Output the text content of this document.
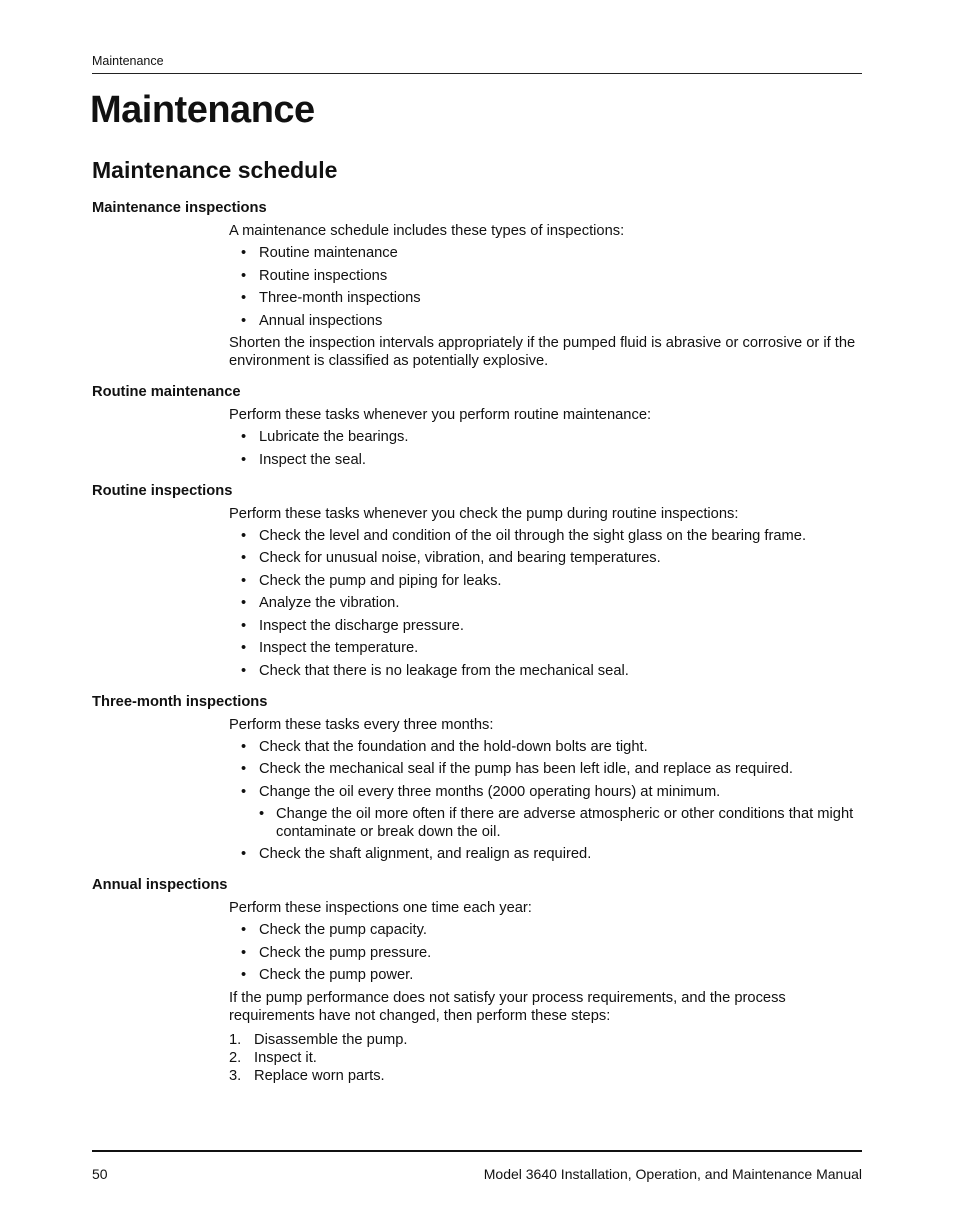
Maintenance
Maintenance
Maintenance schedule
Maintenance inspections

A maintenance schedule includes these types of inspections:

• Routine maintenance
• Routine inspections
• Three-month inspections
• Annual inspections

Shorten the inspection intervals appropriately if the pumped fluid is abrasive or corrosive or if the environment is classified as potentially explosive.

Routine maintenance

Perform these tasks whenever you perform routine maintenance:

• Lubricate the bearings.
• Inspect the seal.
Routine inspections

Perform these tasks whenever you check the pump during routine inspections:

• Check the level and condition of the oil through the sight glass on the bearing frame.
• Check for unusual noise, vibration, and bearing temperatures.
• Check the pump and piping for leaks.
• Analyze the vibration.
• Inspect the discharge pressure.
• Inspect the temperature.
• Check that there is no leakage from the mechanical seal.
Three-month inspections

Perform these tasks every three months:

• Check that the foundation and the hold-down bolts are tight.
• Check the mechanical seal if the pump has been left idle, and replace as required.
• Change the oil every three months (2000 operating hours) at minimum.
• Change the oil more often if there are adverse atmospheric or other conditions that might contaminate or break down the oil.
• Check the shaft alignment, and realign as required.
Annual inspections

Perform these inspections one time each year:

• Check the pump capacity.
• Check the pump pressure.
• Check the pump power.

If the pump performance does not satisfy your process requirements, and the process requirements have not changed, then perform these steps:

1. Disassemble the pump.
2. Inspect it.
3. Replace worn parts.
50	Model 3640 Installation, Operation, and Maintenance Manual
